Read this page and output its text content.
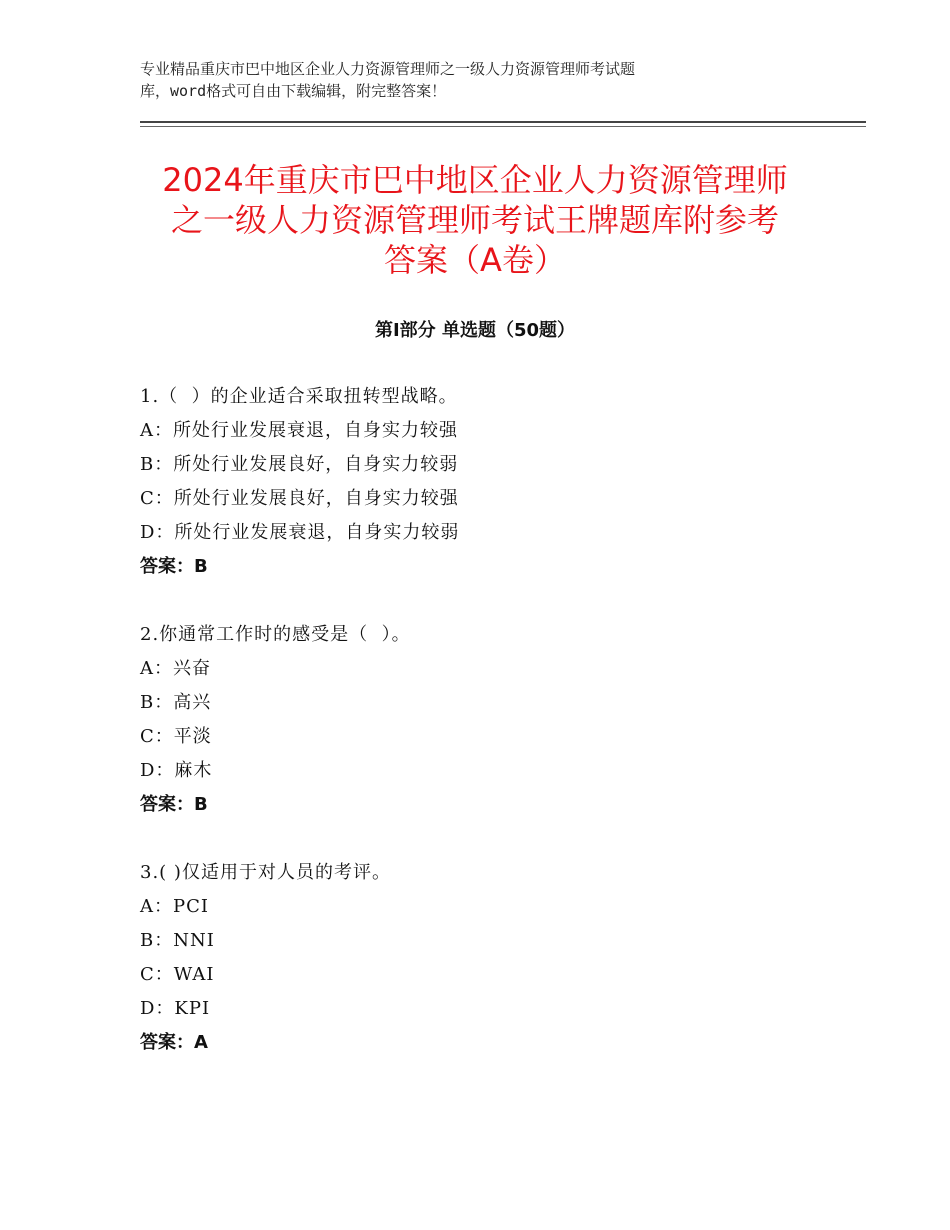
专业精品重庆市巴中地区企业人力资源管理师之一级人力资源管理师考试题
库，word格式可自由下载编辑，附完整答案！
2024年重庆市巴中地区企业人力资源管理师
之一级人力资源管理师考试王牌题库附参考
答案（A卷）
第Ⅰ部分 单选题（50题）
1.（  ）的企业适合采取扭转型战略。
A：所处行业发展衰退，自身实力较强
B：所处行业发展良好，自身实力较弱
C：所处行业发展良好，自身实力较强
D：所处行业发展衰退，自身实力较弱
答案：B
2.你通常工作时的感受是（  ）。
A：兴奋
B：高兴
C：平淡
D：麻木
答案：B
3.( )仅适用于对人员的考评。
A：PCI
B：NNI
C：WAI
D：KPI
答案：A
